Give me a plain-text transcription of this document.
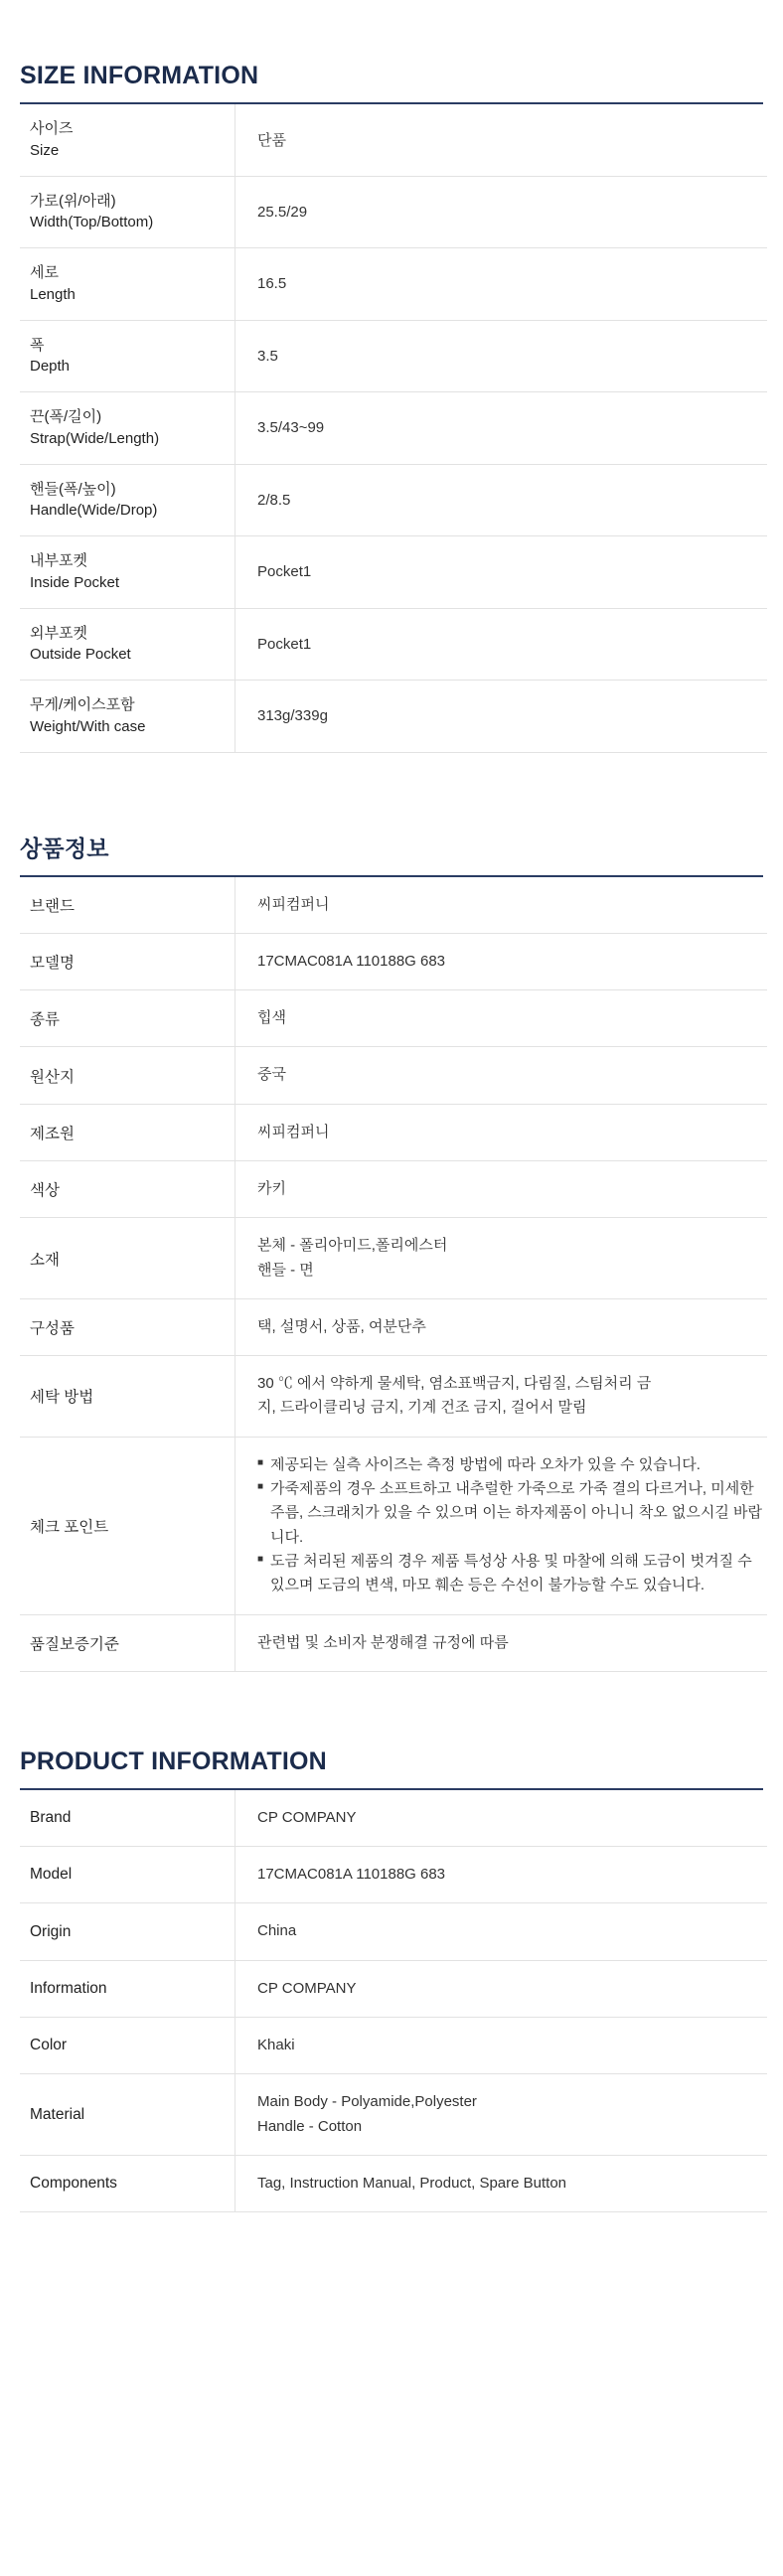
SIZE INFORMATION
사이즈
Size	단품

가로(위/아래)
Width(Top/Bottom)	25.5/29

세로
Length	16.5

폭
Depth	3.5

끈(폭/길이)
Strap(Wide/Length)	3.5/43~99

핸들(폭/높이)
Handle(Wide/Drop)	2/8.5

내부포켓
Inside Pocket	Pocket1

외부포켓
Outside Pocket	Pocket1

무게/케이스포함
Weight/With case	313g/339g
상품정보
브랜드	씨피컴퍼니

모델명	17CMAC081A 110188G 683

종류	힙색

원산지	중국

제조원	씨피컴퍼니

색상	카키

소재	본체 - 폴리아미드,폴리에스터
핸들 - 면

구성품	택, 설명서, 상품, 여분단추

세탁 방법	30 ℃ 에서 약하게 물세탁, 염소표백금지, 다림질, 스팀처리 금
지, 드라이클리닝 금지, 기계 건조 금지, 걸어서 말림

체크 포인트	■ 제공되는 실측 사이즈는 측정 방법에 따라 오차가 있을 수 있습니다.
■ 가죽제품의 경우 소프트하고 내추럴한 가죽으로 가죽 결의 다르거나, 미세한 주름, 스크래치가 있을 수 있으며 이는 하자제품이 아니니 착오 없으시길 바랍니다.
■ 도금 처리된 제품의 경우 제품 특성상 사용 및 마찰에 의해 도금이 벗겨질 수 있으며 도금의 변색, 마모 훼손 등은 수선이 불가능할 수도 있습니다.

품질보증기준	관련법 및 소비자 분쟁해결 규정에 따름
PRODUCT INFORMATION
Brand	CP COMPANY

Model	17CMAC081A 110188G 683

Origin	China

Information	CP COMPANY

Color	Khaki

Material	Main Body - Polyamide,Polyester
Handle - Cotton

Components	Tag, Instruction Manual, Product, Spare Button
